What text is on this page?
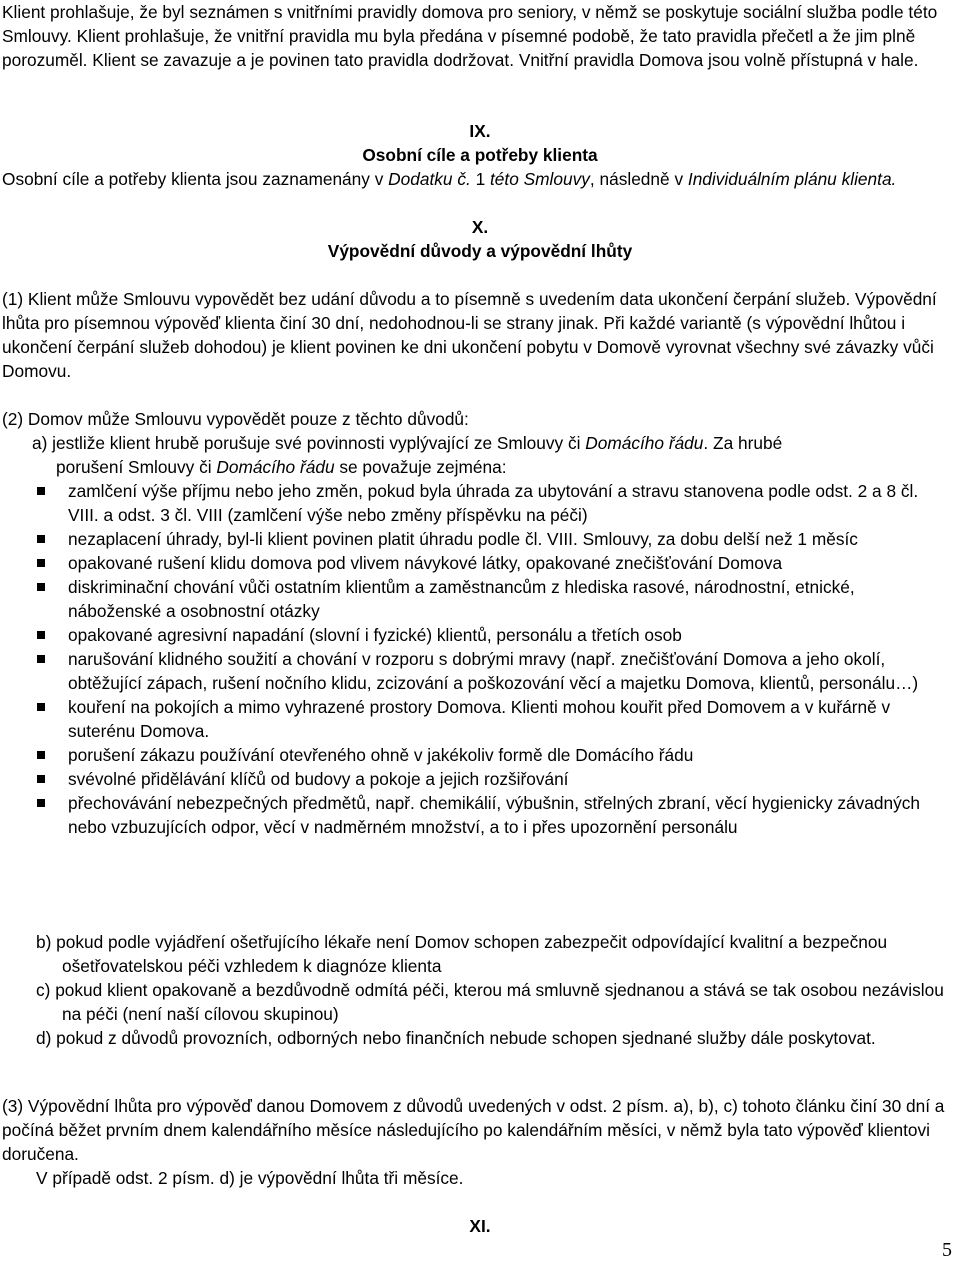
Klient prohlašuje, že byl seznámen s vnitřními pravidly domova pro seniory, v němž se poskytuje sociální služba podle této Smlouvy. Klient prohlašuje, že vnitřní pravidla mu byla předána v písemné podobě, že tato pravidla přečetl a že jim plně porozuměl. Klient se zavazuje a je povinen tato pravidla dodržovat. Vnitřní pravidla Domova jsou volně přístupná v hale.

IX.
Osobní cíle a potřeby klienta

Osobní cíle a potřeby klienta jsou zaznamenány v Dodatku č. 1 této Smlouvy, následně v Individuálním plánu klienta.

X.
Výpovědní důvody a výpovědní lhůty

(1) Klient může Smlouvu vypovědět bez udání důvodu a to písemně s uvedením data ukončení čerpání služeb. Výpovědní lhůta pro písemnou výpověď klienta činí 30 dní, nedohodnou-li se strany jinak. Při každé variantě (s výpovědní lhůtou i ukončení čerpání služeb dohodou) je klient povinen ke dni ukončení pobytu v Domově vyrovnat všechny své závazky vůči Domovu.

(2) Domov může Smlouvu vypovědět pouze z těchto důvodů:

a) jestliže klient hrubě porušuje své povinnosti vyplývající ze Smlouvy či Domácího řádu. Za hrubé

porušení Smlouvy či Domácího řádu se považuje zejména:

zamlčení výše příjmu nebo jeho změn, pokud byla úhrada za ubytování a stravu stanovena podle odst. 2 a 8 čl. VIII. a odst. 3 čl. VIII (zamlčení výše nebo změny příspěvku na péči)
nezaplacení úhrady, byl-li klient povinen platit úhradu podle čl. VIII. Smlouvy, za dobu delší než 1 měsíc
opakované rušení klidu domova pod vlivem návykové látky, opakované znečišťování Domova
diskriminační chování vůči ostatním klientům a zaměstnancům z hlediska rasové, národnostní, etnické, náboženské a osobnostní otázky
opakované agresivní napadání (slovní i fyzické) klientů, personálu a třetích osob
narušování klidného soužití a chování v rozporu s dobrými mravy (např. znečišťování Domova a jeho okolí, obtěžující zápach, rušení nočního klidu, zcizování a poškozování věcí a majetku Domova, klientů, personálu…)
kouření na pokojích a mimo vyhrazené prostory Domova. Klienti mohou kouřit před Domovem a v kuřárně v suterénu Domova.
porušení zákazu používání otevřeného ohně v jakékoliv formě dle Domácího řádu
svévolné přidělávání klíčů od budovy a pokoje a jejich rozšiřování
přechovávání nebezpečných předmětů, např. chemikálií, výbušnin, střelných zbraní, věcí hygienicky závadných nebo vzbuzujících odpor, věcí v nadměrném množství, a to i přes upozornění personálu

b) pokud podle vyjádření ošetřujícího lékaře není Domov schopen zabezpečit odpovídající kvalitní a bezpečnou ošetřovatelskou péči vzhledem k diagnóze klienta

c) pokud klient opakovaně a bezdůvodně odmítá péči, kterou má smluvně sjednanou a stává se tak osobou nezávislou na péči (není naší cílovou skupinou)

d) pokud z důvodů provozních, odborných nebo finančních nebude schopen sjednané služby dále poskytovat.

(3) Výpovědní lhůta pro výpověď danou Domovem z důvodů uvedených v odst. 2 písm. a), b), c) tohoto článku činí 30 dní a počíná běžet prvním dnem kalendářního měsíce následujícího po kalendářním měsíci, v němž byla tato výpověď klientovi doručena.

V případě odst. 2 písm. d) je výpovědní lhůta tři měsíce.

XI.
5
